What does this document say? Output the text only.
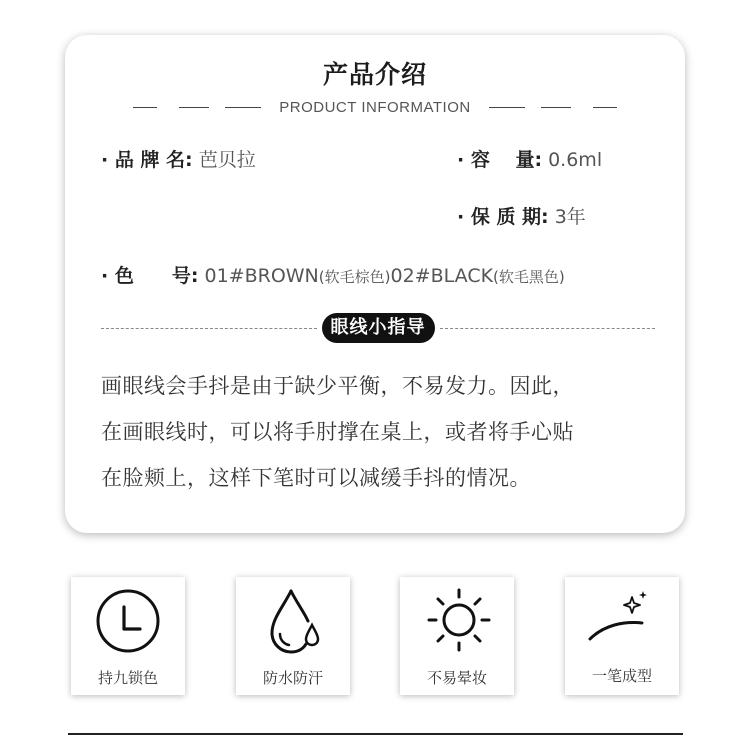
产品介绍
PRODUCT INFORMATION
· 品 牌 名: 芭贝拉	· 容　 量: 0.6ml
· 保 质 期: 3年
· 色　　号: 01#BROWN(软毛棕色)02#BLACK(软毛黑色)
眼线小指导
画眼线会手抖是由于缺少平衡，不易发力。因此，
在画眼线时，可以将手肘撑在桌上，或者将手心贴
在脸颊上，这样下笔时可以减缓手抖的情况。
持九锁色	防水防汗	不易晕妆	一笔成型
